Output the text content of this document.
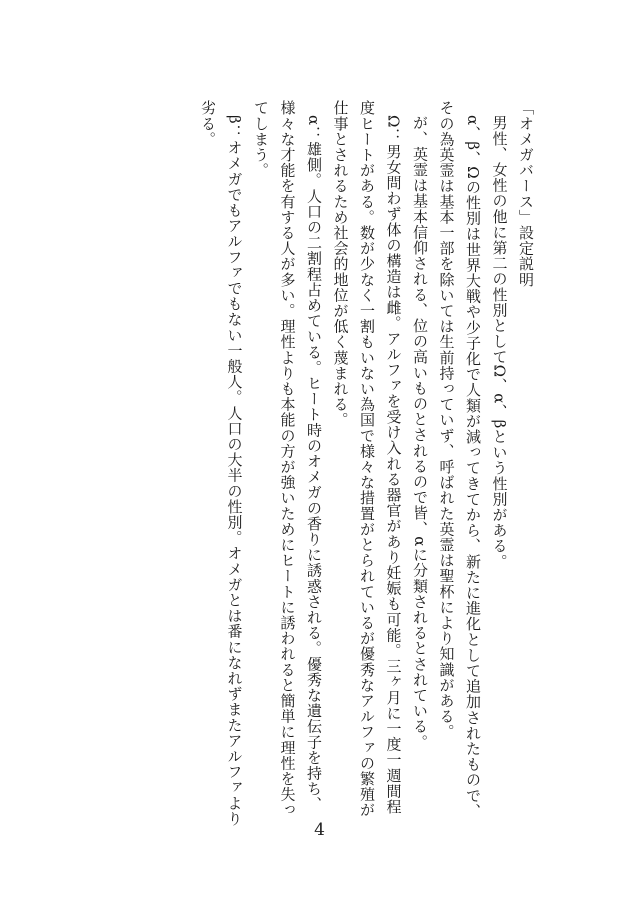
「オメガバース」設定説明

男性、女性の他に第二の性別としてΩ、α、βという性別がある。

α、β、Ωの性別は世界大戦や少子化で人類が減ってきてから、新たに進化として追加されたもので、その為英霊は基本一部を除いては生前持っていず、呼ばれた英霊は聖杯により知識がある。

が、英霊は基本信仰される、位の高いものとされるので皆、αに分類されるとされている。

Ω：男女問わず体の構造は雌。アルファを受け入れる器官があり妊娠も可能。三ヶ月に一度一週間程度ヒートがある。数が少なく一割もいない為国で様々な措置がとられているが優秀なアルファの繁殖が仕事とされるため社会的地位が低く蔑まれる。

α：雄側。人口の二割程占めている。ヒート時のオメガの香りに誘惑される。優秀な遺伝子を持ち、様々な才能を有する人が多い。理性よりも本能の方が強いためにヒートに誘われると簡単に理性を失ってしまう。

β：オメガでもアルファでもない一般人。人口の大半の性別。オメガとは番になれずまたアルファより劣る。

4
